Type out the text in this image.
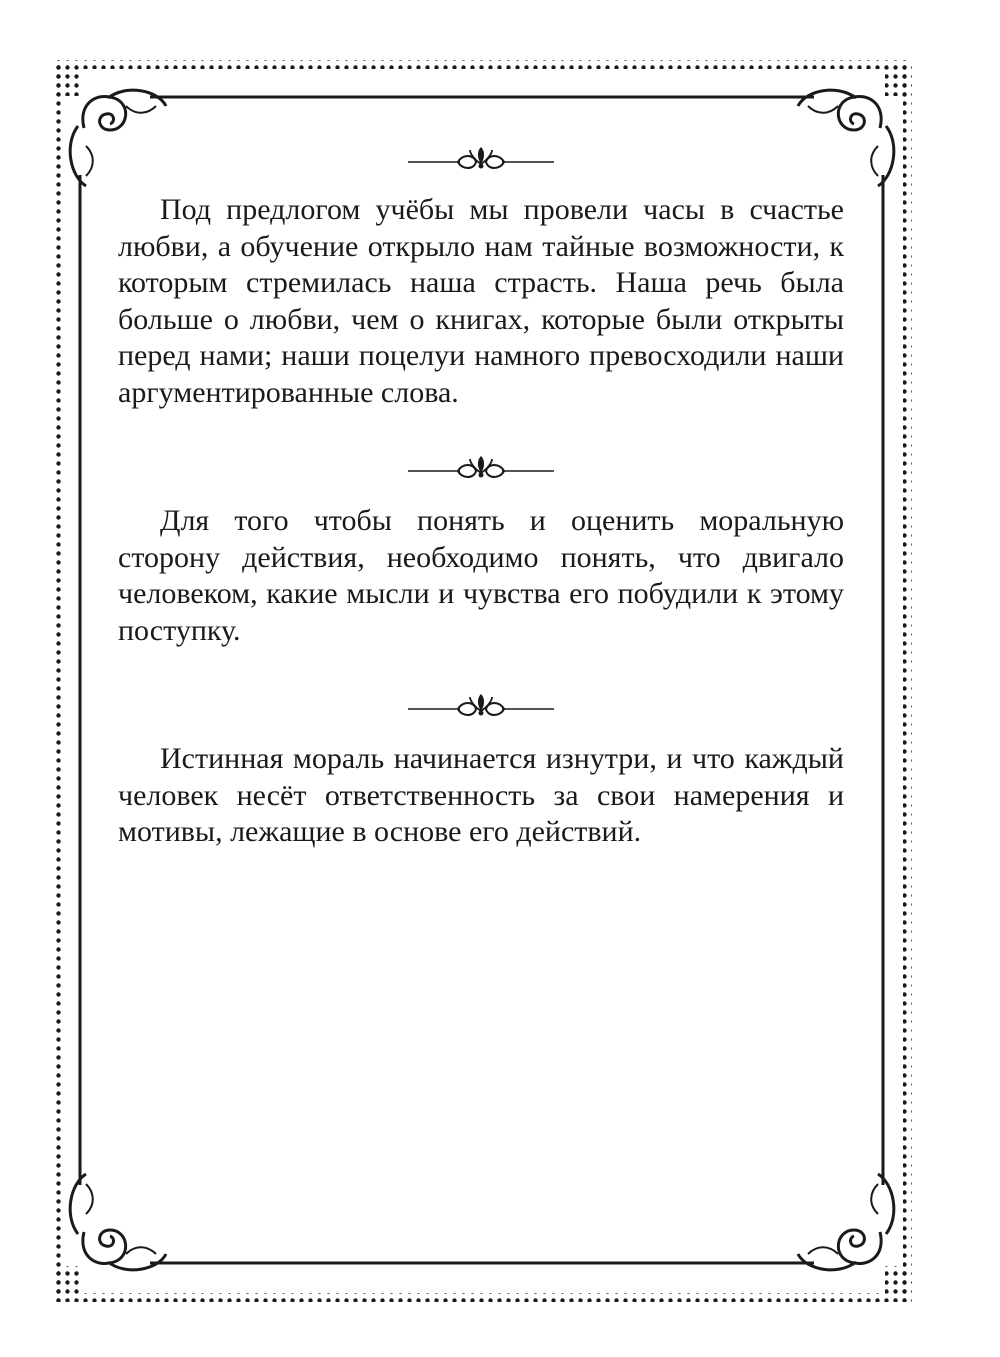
Под предлогом учёбы мы провели часы в счастье любви, а обучение открыло нам тайные возможности, к которым стремилась наша страсть. Наша речь была больше о любви, чем о книгах, которые были открыты перед нами; наши поцелуи намного превосходили наши аргументированные слова.

Для того чтобы понять и оценить моральную сторону действия, необходимо понять, что двигало человеком, какие мысли и чувства его побудили к этому поступку.

Истинная мораль начинается изнутри, и что каждый человек несёт ответственность за свои намерения и мотивы, лежащие в основе его действий.
